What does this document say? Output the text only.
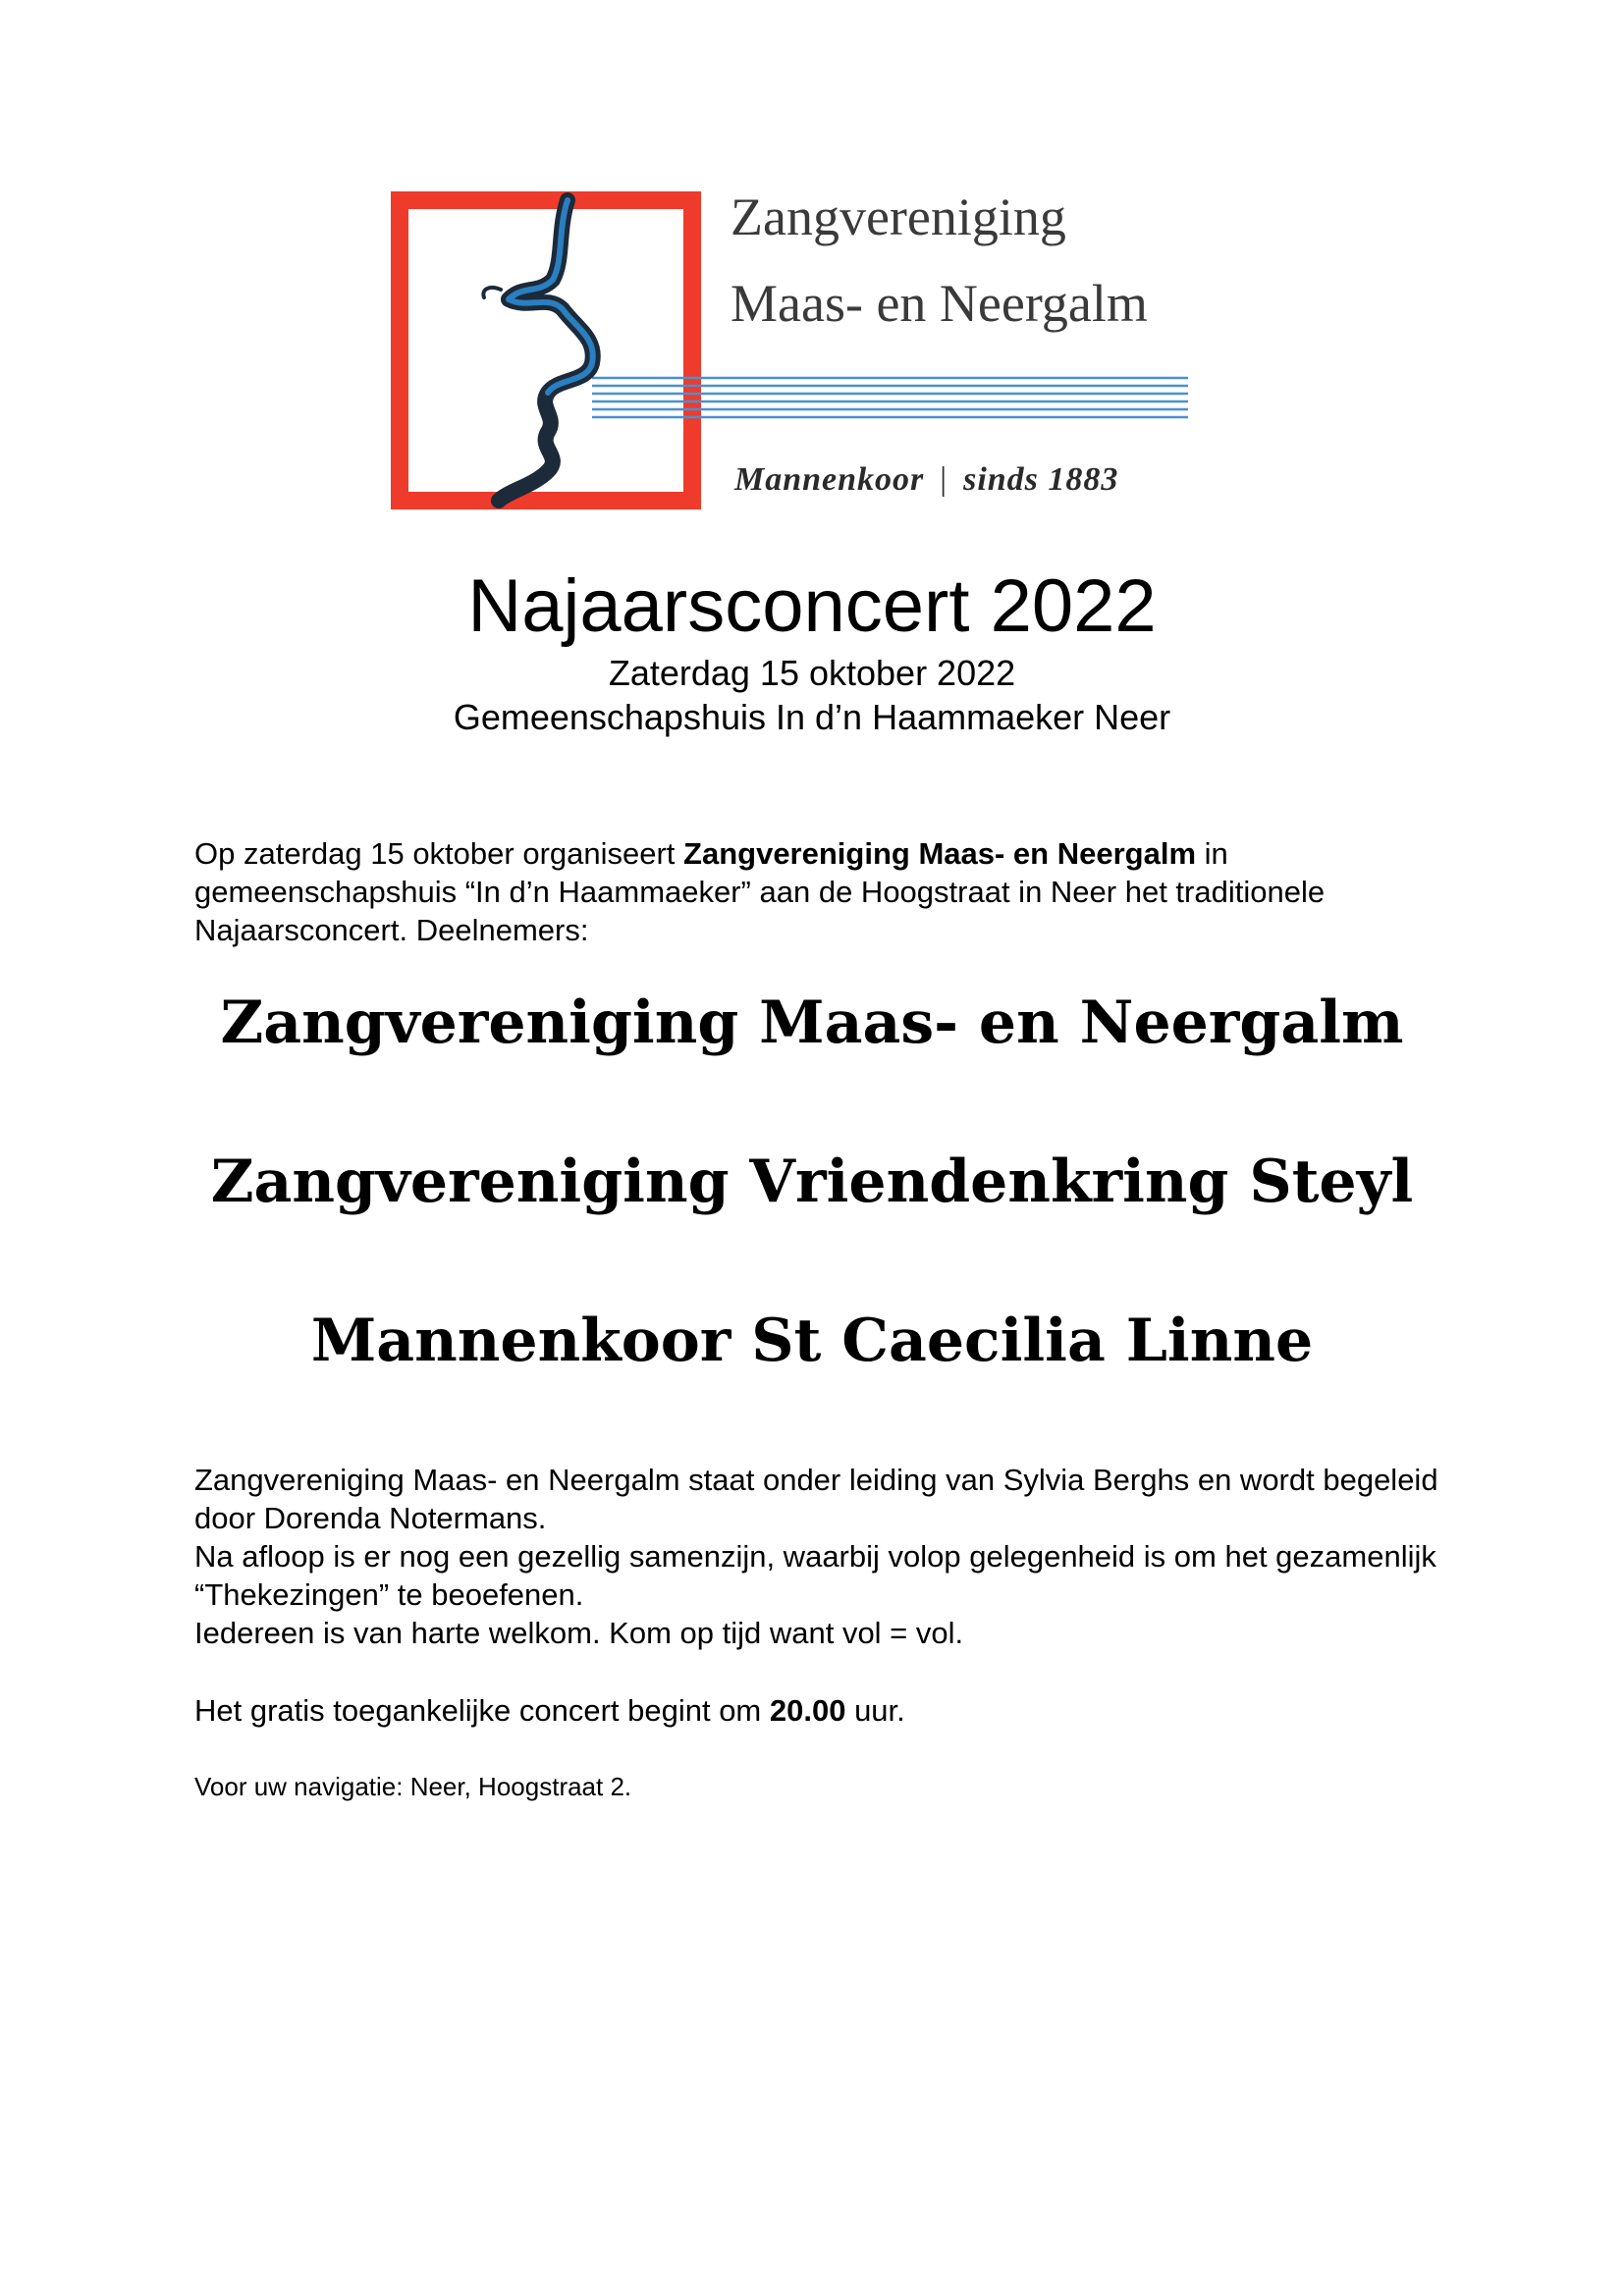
Zangvereniging

Maas- en Neergalm

Mannenkoor | sinds 1883
Najaarsconcert 2022

Zaterdag 15 oktober 2022

Gemeenschapshuis In d’n Haammaeker Neer

Op zaterdag 15 oktober organiseert Zangvereniging Maas- en Neergalm in gemeenschapshuis “In d’n Haammaeker” aan de Hoogstraat in Neer het traditionele Najaarsconcert. Deelnemers:

Zangvereniging Maas- en Neergalm
Zangvereniging Vriendenkring Steyl
Mannenkoor St Caecilia Linne

Zangvereniging Maas- en Neergalm staat onder leiding van Sylvia Berghs en wordt begeleid door Dorenda Notermans.
Na afloop is er nog een gezellig samenzijn, waarbij volop gelegenheid is om het gezamenlijk “Thekezingen” te beoefenen.
Iedereen is van harte welkom. Kom op tijd want vol = vol.

Het gratis toegankelijke concert begint om 20.00 uur.

Voor uw navigatie: Neer, Hoogstraat 2.
